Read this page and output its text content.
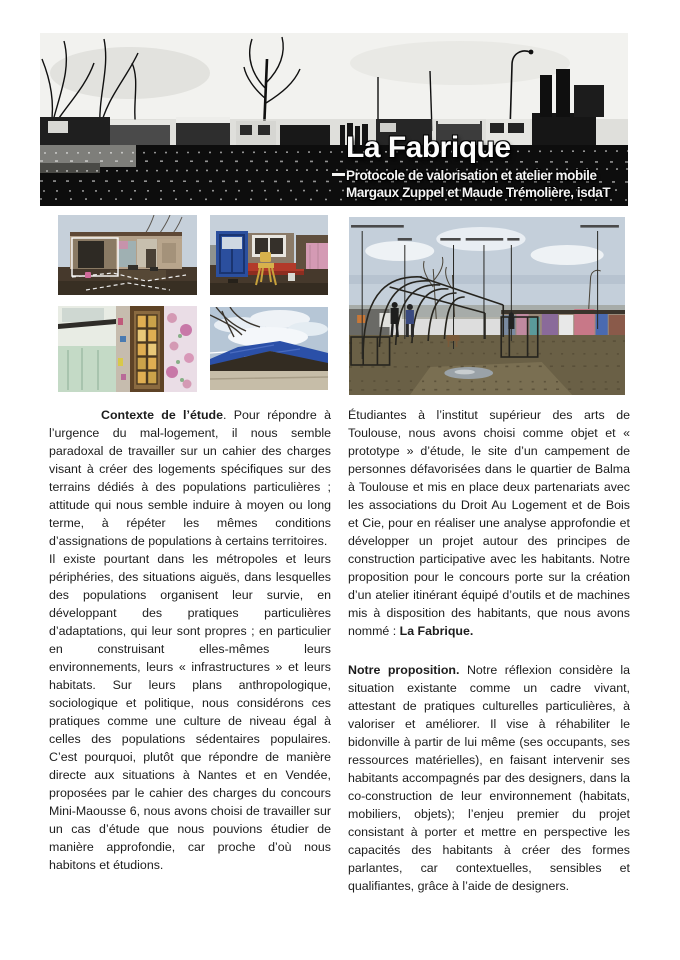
La Fabrique
Protocole de valorisation et atelier mobile
Margaux Zuppel et Maude Trémolière, isdaT

Contexte de l’étude. Pour répondre à l’urgence du mal-logement, il nous semble paradoxal de travailler sur un cahier des charges visant à créer des logements spécifiques sur des terrains dédiés à des populations particulières ; attitude qui nous semble induire à moyen ou long terme, à répéter les mêmes conditions d’assignations de populations à certains territoires.

Il existe pourtant dans les métropoles et leurs périphéries, des situations aiguës, dans lesquelles des populations organisent leur survie, en développant des pratiques particulières d’adaptations, qui leur sont propres ; en particulier en construisant elles-mêmes leurs environnements, leurs « infrastructures » et leurs habitats. Sur leurs plans anthropologique, sociologique et politique, nous considérons ces pratiques comme une culture de niveau égal à celles des populations sédentaires populaires. C’est pourquoi, plutôt que répondre de manière directe aux situations à Nantes et en Vendée, proposées par le cahier des charges du concours Mini-Maousse 6, nous avons choisi de travailler sur un cas d’étude que nous pouvions étudier de manière approfondie, car proche d’où nous habitons et étudions.

Étudiantes à l’institut supérieur des arts de Toulouse, nous avons choisi comme objet et « prototype » d’étude, le site d’un campement de personnes défavorisées dans le quartier de Balma à Toulouse et mis en place deux partenariats avec les associations du Droit Au Logement et de Bois et Cie, pour en réaliser une analyse approfondie et développer un projet autour des principes de construction participative avec les habitants. Notre proposition pour le concours porte sur la création d’un atelier itinérant équipé d’outils et de machines mis à disposition des habitants, que nous avons nommé : La Fabrique.

Notre proposition. Notre réflexion considère la situation existante comme un cadre vivant, attestant de pratiques culturelles particulières, à valoriser et améliorer. Il vise à réhabiliter le bidonville à partir de lui même (ses occupants, ses ressources matérielles), en faisant intervenir ses habitants accompagnés par des designers, dans la co-construction de leur environnement (habitats, mobiliers, objets); l’enjeu premier du projet consistant à porter et mettre en perspective les capacités des habitants à créer des formes parlantes, car contextuelles, sensibles et qualifiantes, grâce à l’aide de designers.
